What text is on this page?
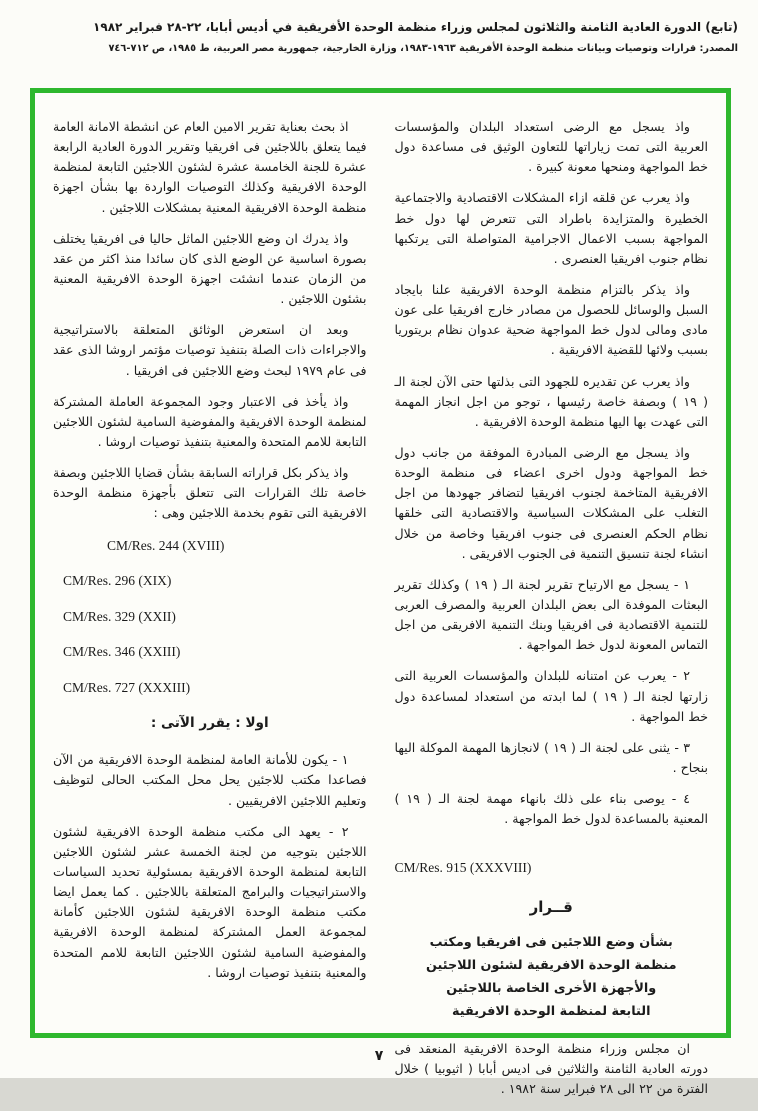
(تابع) الدورة العادية الثامنة والثلاثون لمجلس وزراء منظمة الوحدة الأفريقية في أديس أبابا، ٢٢-٢٨ فبراير ١٩٨٢
المصدر: قرارات وتوصيات وبيانات منظمة الوحدة الأفريقية ١٩٦٣-١٩٨٣، وزارة الخارجية، جمهورية مصر العربية، ط ١٩٨٥، ص ٧١٢-٧٤٦

واذ يسجل مع الرضى استعداد البلدان والمؤسسات العربية التى تمت زياراتها للتعاون الوثيق فى مساعدة دول خط المواجهة ومنحها معونة كبيرة .

واذ يعرب عن قلقه ازاء المشكلات الاقتصادية والاجتماعية الخطيرة والمتزايدة باطراد التى تتعرض لها دول خط المواجهة بسبب الاعمال الاجرامية المتواصلة التى يرتكبها نظام جنوب افريقيا العنصرى .

واذ يذكر بالتزام منظمة الوحدة الافريقية علنا بايجاد السبل والوسائل للحصول من مصادر خارج افريقيا على عون مادى ومالى لدول خط المواجهة ضحية عدوان نظام بريتوريا بسبب ولائها للقضية الافريقية .

واذ يعرب عن تقديره للجهود التى بذلتها حتى الآن لجنة الـ ( ١٩ ) وبصفة خاصة رئيسها ، توجو من اجل انجاز المهمة التى عهدت بها اليها منظمة الوحدة الافريقية .

واذ يسجل مع الرضى المبادرة الموفقة من جانب دول خط المواجهة ودول اخرى اعضاء فى منظمة الوحدة الافريقية المتاخمة لجنوب افريقيا لتضافر جهودها من اجل التغلب على المشكلات السياسية والاقتصادية التى خلقها نظام الحكم العنصرى فى جنوب افريقيا وخاصة من خلال انشاء لجنة تنسيق التنمية فى الجنوب الافريقى .

١ - يسجل مع الارتياح تقرير لجنة الـ ( ١٩ ) وكذلك تقرير البعثات الموفدة الى بعض البلدان العربية والمصرف العربى للتنمية الاقتصادية فى افريقيا وبنك التنمية الافريقى من اجل التماس المعونة لدول خط المواجهة .

٢ - يعرب عن امتنانه للبلدان والمؤسسات العربية التى زارتها لجنة الـ ( ١٩ ) لما ابدته من استعداد لمساعدة دول خط المواجهة .

٣ - يثنى على لجنة الـ ( ١٩ ) لانجازها المهمة الموكلة اليها بنجاح .

٤ - يوصى بناء على ذلك بانهاء مهمة لجنة الـ ( ١٩ ) المعنية بالمساعدة لدول خط المواجهة .

CM/Res. 915 (XXXVIII)
قــرار
بشأن وضع اللاجئين فى افريقيا ومكتب
منظمة الوحدة الافريقية لشئون اللاجئين
والأجهزة الأخرى الخاصة باللاجئين
التابعة لمنظمة الوحدة الافريقية

ان مجلس وزراء منظمة الوحدة الافريقية المنعقد فى دورته العادية الثامنة والثلاثين فى اديس أبابا ( اثيوبيا ) خلال الفترة من ٢٢ الى ٢٨ فبراير سنة ١٩٨٢ .

اذ بحث بعناية تقرير الامين العام عن انشطة الامانة العامة فيما يتعلق باللاجئين فى افريقيا وتقرير الدورة العادية الرابعة عشرة للجنة الخامسة عشرة لشئون اللاجئين التابعة لمنظمة الوحدة الافريقية وكذلك التوصيات الواردة بها بشأن اجهزة منظمة الوحدة الافريقية المعنية بمشكلات اللاجئين .

واذ يدرك ان وضع اللاجئين الماثل حاليا فى افريقيا يختلف بصورة اساسية عن الوضع الذى كان سائدا منذ اكثر من عقد من الزمان عندما انشئت اجهزة الوحدة الافريقية المعنية بشئون اللاجئين .

وبعد ان استعرض الوثائق المتعلقة بالاستراتيجية والاجراءات ذات الصلة بتنفيذ توصيات مؤتمر اروشا الذى عقد فى عام ١٩٧٩ لبحث وضع اللاجئين فى افريقيا .

واذ يأخذ فى الاعتبار وجود المجموعة العاملة المشتركة لمنظمة الوحدة الافريقية والمفوضية السامية لشئون اللاجئين التابعة للامم المتحدة والمعنية بتنفيذ توصيات اروشا .

واذ يذكر بكل قراراته السابقة بشأن قضايا اللاجئين وبصفة خاصة تلك القرارات التى تتعلق بأجهزة منظمة الوحدة الافريقية التى تقوم بخدمة اللاجئين وهى :

CM/Res. 244 (XVIII)
CM/Res. 296 (XIX)
CM/Res. 329 (XXII)
CM/Res. 346 (XXIII)
CM/Res. 727 (XXXIII)
اولا : يقرر الآتى :

١ - يكون للأمانة العامة لمنظمة الوحدة الافريقية من الآن فصاعدا مكتب للاجئين يحل محل المكتب الحالى لتوظيف وتعليم اللاجئين الافريقيين .

٢ - يعهد الى مكتب منظمة الوحدة الافريقية لشئون اللاجئين بتوجيه من لجنة الخمسة عشر لشئون اللاجئين التابعة لمنظمة الوحدة الافريقية بمسئولية تحديد السياسات والاستراتيجيات والبرامج المتعلقة باللاجئين . كما يعمل ايضا مكتب منظمة الوحدة الافريقية لشئون اللاجئين كأمانة لمجموعة العمل المشتركة لمنظمة الوحدة الافريقية والمفوضية السامية لشئون اللاجئين التابعة للامم المتحدة والمعنية بتنفيذ توصيات اروشا .

٧
